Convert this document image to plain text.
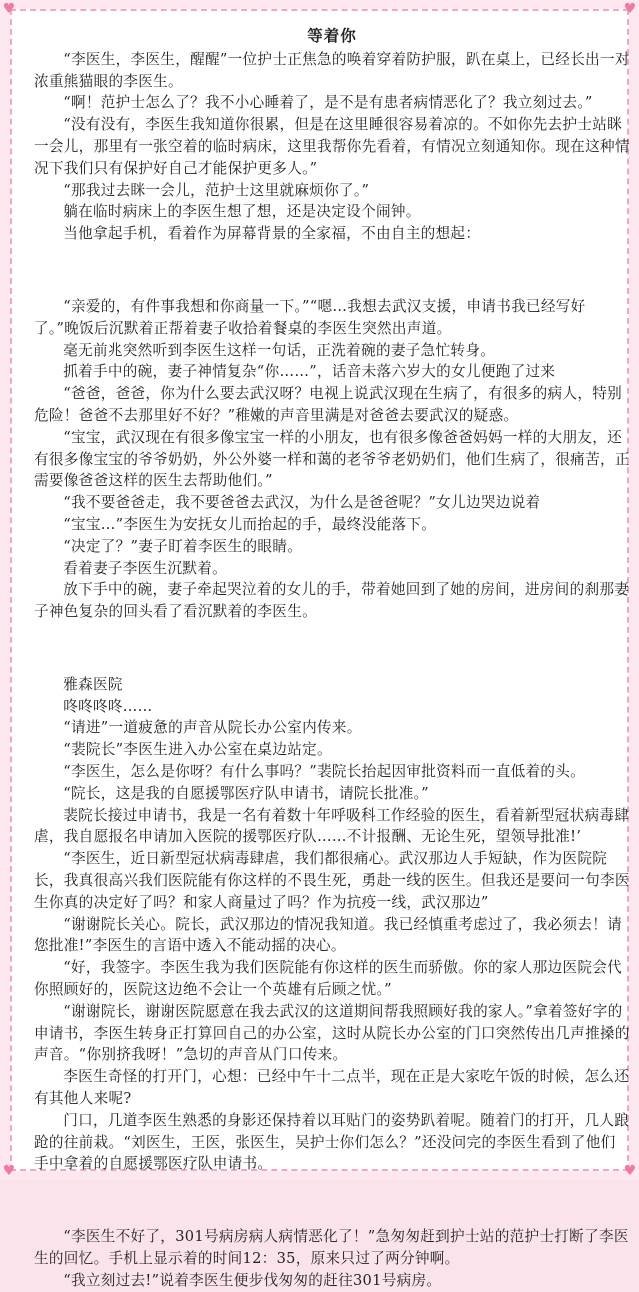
等着你

“李医生，李医生，醒醒”一位护士正焦急的唤着穿着防护服，趴在桌上，已经长出一对浓重熊猫眼的李医生。

“啊！范护士怎么了？我不小心睡着了，是不是有患者病情恶化了？我立刻过去。”

“没有没有，李医生我知道你很累，但是在这里睡很容易着凉的。不如你先去护士站眯一会儿，那里有一张空着的临时病床，这里我帮你先看着，有情况立刻通知你。现在这种情况下我们只有保护好自己才能保护更多人。”

“那我过去眯一会儿，范护士这里就麻烦你了。”

躺在临时病床上的李医生想了想，还是决定设个闹钟。

当他拿起手机，看着作为屏幕背景的全家福，不由自主的想起：

“亲爱的，有件事我想和你商量一下。”“嗯…我想去武汉支援，申请书我已经写好了。”晚饭后沉默着正帮着妻子收拾着餐桌的李医生突然出声道。

毫无前兆突然听到李医生这样一句话，正洗着碗的妻子急忙转身。

抓着手中的碗，妻子神情复杂“你……”，话音未落六岁大的女儿便跑了过来

“爸爸，爸爸，你为什么要去武汉呀？电视上说武汉现在生病了，有很多的病人，特别危险！爸爸不去那里好不好？”稚嫩的声音里满是对爸爸去要武汉的疑惑。

“宝宝，武汉现在有很多像宝宝一样的小朋友，也有很多像爸爸妈妈一样的大朋友，还有很多像宝宝的爷爷奶奶，外公外婆一样和蔼的老爷爷老奶奶们，他们生病了，很痛苦，正需要像爸爸这样的医生去帮助他们。”

“我不要爸爸走，我不要爸爸去武汉，为什么是爸爸呢？”女儿边哭边说着

“宝宝…”李医生为安抚女儿而抬起的手，最终没能落下。

“决定了？”妻子盯着李医生的眼睛。

看着妻子李医生沉默着。

放下手中的碗，妻子牵起哭泣着的女儿的手，带着她回到了她的房间，进房间的刹那妻子神色复杂的回头看了看沉默着的李医生。

雅森医院

咚咚咚咚……

“请进”一道疲惫的声音从院长办公室内传来。

“裴院长”李医生进入办公室在桌边站定。

“李医生，怎么是你呀？有什么事吗？”裴院长抬起因审批资料而一直低着的头。

“院长，这是我的自愿援鄂医疗队申请书，请院长批准。”

裴院长接过申请书，我是一名有着数十年呼吸科工作经验的医生，看着新型冠状病毒肆虐，我自愿报名申请加入医院的援鄂医疗队……不计报酬、无论生死，望领导批准!’

“李医生，近日新型冠状病毒肆虐，我们都很痛心。武汉那边人手短缺，作为医院院长，我真很高兴我们医院能有你这样的不畏生死，勇赴一线的医生。但我还是要问一句李医生你真的决定好了吗？和家人商量过了吗？作为抗疫一线，武汉那边”

“谢谢院长关心。院长，武汉那边的情况我知道。我已经慎重考虑过了，我必须去！请您批准!”李医生的言语中透入不能动摇的决心。

“好，我签字。李医生我为我们医院能有你这样的医生而骄傲。你的家人那边医院会代你照顾好的，医院这边绝不会让一个英雄有后顾之忧。”

“谢谢院长，谢谢医院愿意在我去武汉的这道期间帮我照顾好我的家人。”拿着签好字的申请书，李医生转身正打算回自己的办公室，这时从院长办公室的门口突然传出几声推搡的声音。“你别挤我呀！”急切的声音从门口传来。

李医生奇怪的打开门，心想：已经中午十二点半，现在正是大家吃午饭的时候，怎么还有其他人来呢?

门口，几道李医生熟悉的身影还保持着以耳贴门的姿势趴着呢。随着门的打开，几人踉跄的往前栽。“刘医生，王医，张医生，吴护士你们怎么？”还没问完的李医生看到了他们手中拿着的自愿援鄂医疗队申请书。

“李医生不好了，301号病房病人病情恶化了！”急匆匆赶到护士站的范护士打断了李医生的回忆。手机上显示着的时间12：35，原来只过了两分钟啊。

“我立刻过去!”说着李医生便步伐匆匆的赶往301号病房。

♥	♥
♥	♥
